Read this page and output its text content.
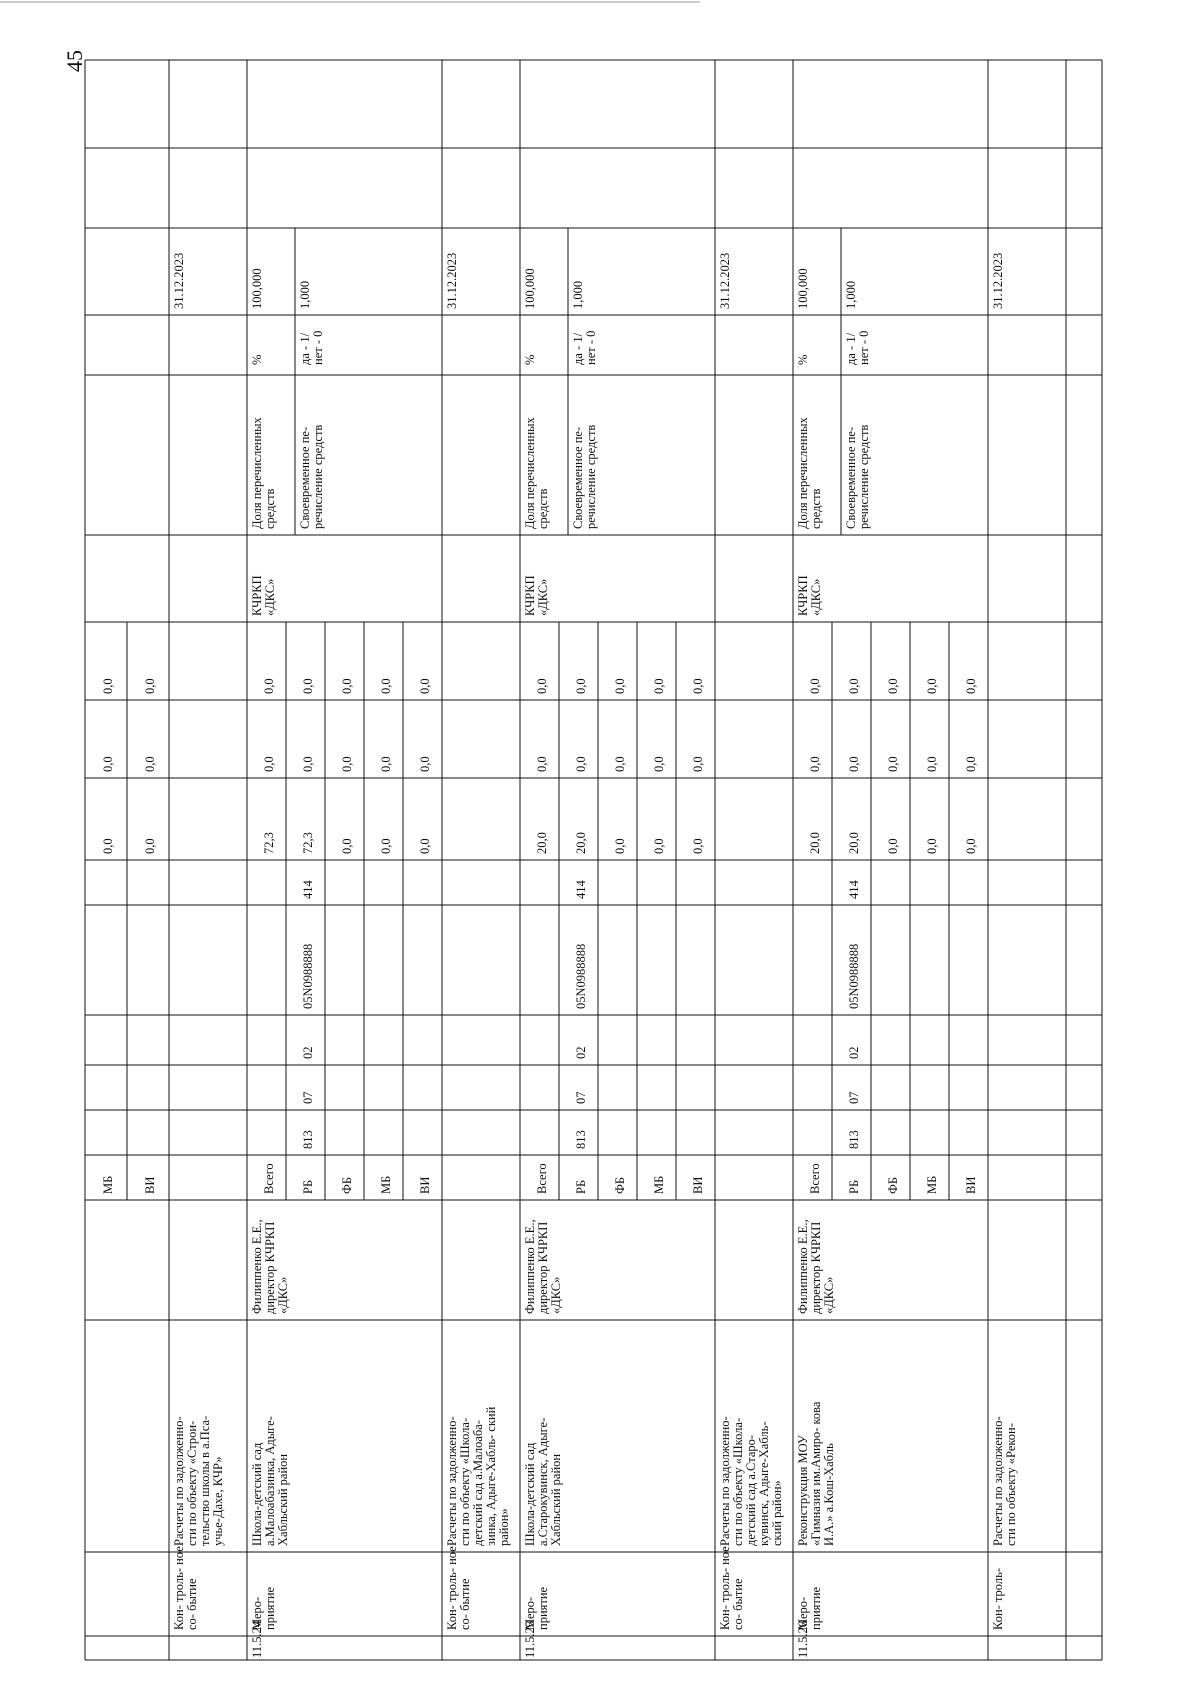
45
МБ
0,0
0,0
0,0
ВИ
0,0
0,0
0,0
Кон- троль- ноесо- бытие
Расчеты по задолженно-сти по объекту «Строи-тельство школы в а.Пса-учье-Дахе, КЧР»
31.12.2023
11.5.24
Меро-приятие
Школа-детский сада.Малоабазинка, Адыге-Хабльский район
Филиппенко Е.Е.,директор КЧРКП«ДКС»
КЧРКП«ДКС»
Всего
72,3
0,0
0,0
РБ
72,3
0,0
0,0
813
07
02
05N0988888
414
ФБ
0,0
0,0
0,0
МБ
0,0
0,0
0,0
ВИ
0,0
0,0
0,0
Доля перечисленныхсредств
%
100,000
Своевременное пе-речисление средств
да - 1/нет - 0
1,000
Кон- троль- ноесо- бытие
Расчеты по задолженно-сти по объекту «Школа-детский сад а.Малоаба-зинка, Адыге-Хабль- скийрайон»
31.12.2023
11.5.25
Меро-приятие
Школа-детский сада.Старокувинск, Адыге-Хабльский район
Филиппенко Е.Е.,директор КЧРКП«ДКС»
КЧРКП«ДКС»
Всего
20,0
0,0
0,0
РБ
20,0
0,0
0,0
813
07
02
05N0988888
414
ФБ
0,0
0,0
0,0
МБ
0,0
0,0
0,0
ВИ
0,0
0,0
0,0
Доля перечисленныхсредств
%
100,000
Своевременное пе-речисление средств
да - 1/нет - 0
1,000
Кон- троль- ноесо- бытие
Расчеты по задолженно-сти по объекту «Школа-детский сад а.Старо-кувинск, Адыге-Хабль-ский район»
31.12.2023
11.5.26
Меро-приятие
Реконструкция МОУ«Гимназия им.Амиро- коваИ.А.» а.Кош-Хабль
Филиппенко Е.Е.,директор КЧРКП«ДКС»
КЧРКП«ДКС»
Всего
20,0
0,0
0,0
РБ
20,0
0,0
0,0
813
07
02
05N0988888
414
ФБ
0,0
0,0
0,0
МБ
0,0
0,0
0,0
ВИ
0,0
0,0
0,0
Доля перечисленныхсредств
%
100,000
Своевременное пе-речисление средств
да - 1/нет - 0
1,000
Кон- троль-
Расчеты по задолженно-сти по объекту «Рекон-
31.12.2023
